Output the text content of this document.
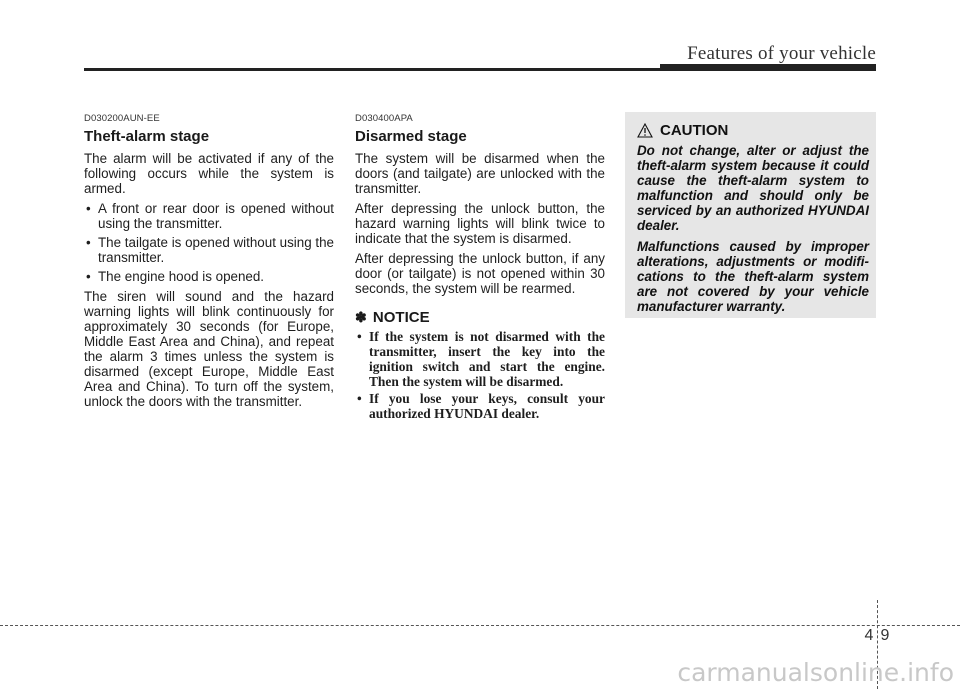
Features of your vehicle
D030200AUN-EE
Theft-alarm stage

The alarm will be activated if any of the following occurs while the system is armed.

• A front or rear door is opened without using the transmitter.
• The tailgate is opened without using the transmitter.
• The engine hood is opened.

The siren will sound and the hazard warning lights will blink continuously for approximately 30 seconds (for Europe, Middle East Area and China), and repeat the alarm 3 times unless the system is disarmed (except Europe, Middle East Area and China). To turn off the system, unlock the doors with the transmitter.

D030400APA
Disarmed stage

The system will be disarmed when the doors (and tailgate) are unlocked with the transmitter.

After depressing the unlock button, the hazard warning lights will blink twice to indicate that the system is disarmed.

After depressing the unlock button, if any door (or tailgate) is not opened within 30 seconds, the system will be rearmed.

✽ NOTICE
• If the system is not disarmed with the transmitter, insert the key into the ignition switch and start the engine. Then the system will be disarmed.
• If you lose your keys, consult your authorized HYUNDAI dealer.
CAUTION

Do not change, alter or adjust the theft-alarm system because it could cause the theft-alarm system to malfunction and should only be serviced by an authorized HYUNDAI dealer.

Malfunctions caused by improper alterations, adjustments or modifi-cations to the theft-alarm system are not covered by your vehicle manufacturer warranty.

4 9
carmanualsonline.info
